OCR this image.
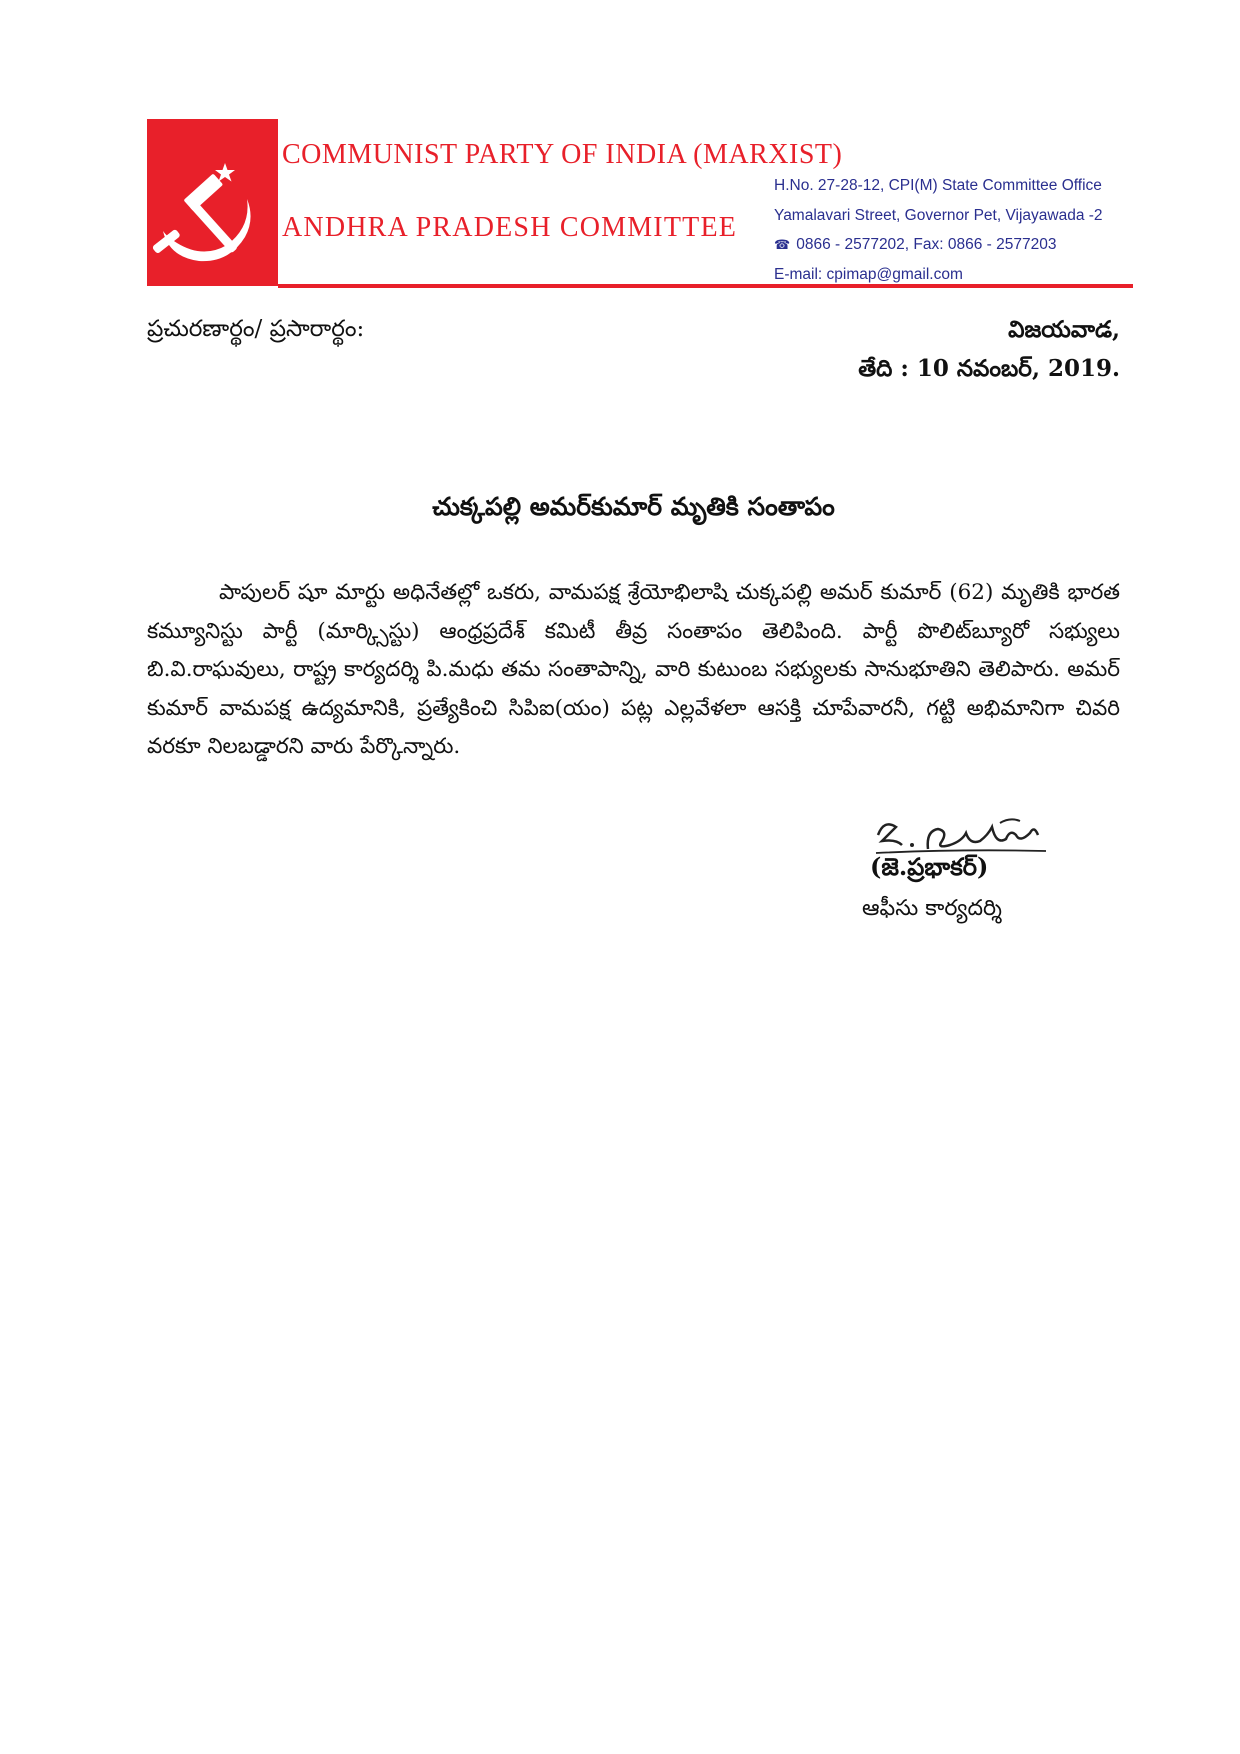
COMMUNIST PARTY OF INDIA (MARXIST)
ANDHRA PRADESH COMMITTEE
H.No. 27-28-12, CPI(M) State Committee Office
Yamalavari Street, Governor Pet, Vijayawada -2
☎ 0866 - 2577202, Fax: 0866 - 2577203
E-mail: cpimap@gmail.com
ప్రచురణార్థం/ ప్రసారార్థం:	విజయవాడ,
తేది : 10 నవంబర్‌, 2019.
చుక్కపల్లి అమర్‌కుమార్‌ మృతికి సంతాపం
పాపులర్‌ షూ మార్టు అధినేతల్లో ఒకరు, వామపక్ష శ్రేయోభిలాషి చుక్కపల్లి అమర్‌ కుమార్‌ (62) మృతికి భారత కమ్యూనిస్టు పార్టీ (మార్క్సిస్టు) ఆంధ్రప్రదేశ్‌ కమిటీ తీవ్ర సంతాపం తెలిపింది. పార్టీ పొలిట్‌బ్యూరో సభ్యులు బి.వి.రాఘవులు, రాష్ట్ర కార్యదర్శి పి.మధు తమ సంతాపాన్ని, వారి కుటుంబ సభ్యులకు సానుభూతిని తెలిపారు. అమర్‌ కుమార్‌ వామపక్ష ఉద్యమానికి, ప్రత్యేకించి సిపిఐ(యం) పట్ల ఎల్లవేళలా ఆసక్తి చూపేవారనీ, గట్టి అభిమానిగా చివరి వరకూ నిలబడ్డారని వారు పేర్కొన్నారు.
(జె.ప్రభాకర్‌)
ఆఫీసు కార్యదర్శి
